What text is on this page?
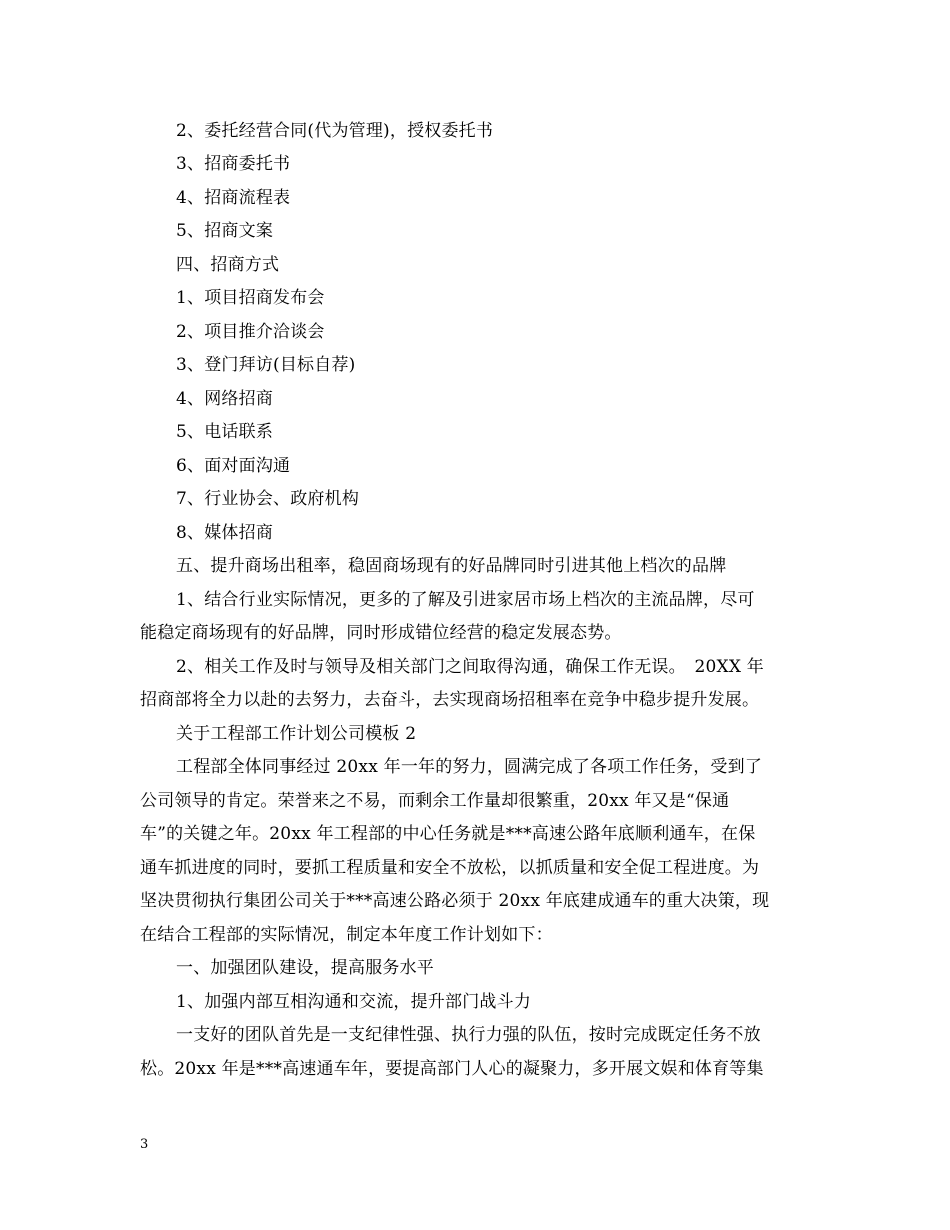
2、委托经营合同(代为管理)，授权委托书
3、招商委托书
4、招商流程表
5、招商文案
四、招商方式
1、项目招商发布会
2、项目推介洽谈会
3、登门拜访(目标自荐)
4、网络招商
5、电话联系
6、面对面沟通
7、行业协会、政府机构
8、媒体招商
五、提升商场出租率，稳固商场现有的好品牌同时引进其他上档次的品牌
1、结合行业实际情况，更多的了解及引进家居市场上档次的主流品牌，尽可
能稳定商场现有的好品牌，同时形成错位经营的稳定发展态势。
2、相关工作及时与领导及相关部门之间取得沟通，确保工作无误。　20XX 年
招商部将全力以赴的去努力，去奋斗，去实现商场招租率在竞争中稳步提升发展。
关于工程部工作计划公司模板 2
工程部全体同事经过 20xx 年一年的努力，圆满完成了各项工作任务，受到了
公司领导的肯定。荣誉来之不易，而剩余工作量却很繁重，20xx 年又是“保通
车”的关键之年。20xx 年工程部的中心任务就是***高速公路年底顺利通车，在保
通车抓进度的同时，要抓工程质量和安全不放松，以抓质量和安全促工程进度。为
坚决贯彻执行集团公司关于***高速公路必须于 20xx 年底建成通车的重大决策，现
在结合工程部的实际情况，制定本年度工作计划如下：
一、加强团队建设，提高服务水平
1、加强内部互相沟通和交流，提升部门战斗力
一支好的团队首先是一支纪律性强、执行力强的队伍，按时完成既定任务不放
松。20xx 年是***高速通车年，要提高部门人心的凝聚力，多开展文娱和体育等集
3
